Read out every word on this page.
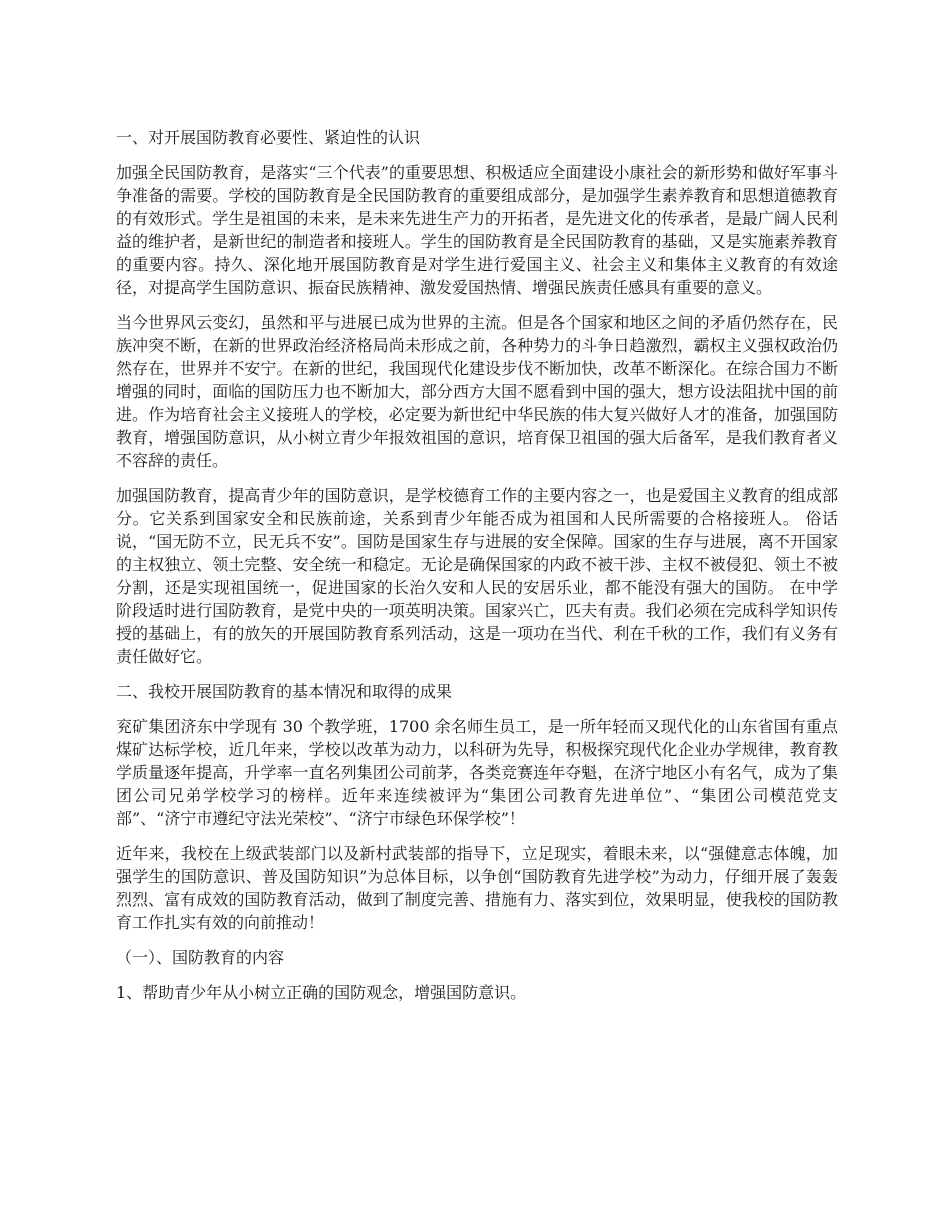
一、对开展国防教育必要性、紧迫性的认识
加强全民国防教育，是落实“三个代表”的重要思想、积极适应全面建设小康社会的新形势和做好军事斗争准备的需要。学校的国防教育是全民国防教育的重要组成部分，是加强学生素养教育和思想道德教育的有效形式。学生是祖国的未来，是未来先进生产力的开拓者，是先进文化的传承者，是最广阔人民利益的维护者，是新世纪的制造者和接班人。学生的国防教育是全民国防教育的基础，又是实施素养教育的重要内容。持久、深化地开展国防教育是对学生进行爱国主义、社会主义和集体主义教育的有效途径，对提高学生国防意识、振奋民族精神、激发爱国热情、增强民族责任感具有重要的意义。
当今世界风云变幻，虽然和平与进展已成为世界的主流。但是各个国家和地区之间的矛盾仍然存在，民族冲突不断，在新的世界政治经济格局尚未形成之前，各种势力的斗争日趋激烈，霸权主义强权政治仍然存在，世界并不安宁。在新的世纪，我国现代化建设步伐不断加快，改革不断深化。在综合国力不断增强的同时，面临的国防压力也不断加大，部分西方大国不愿看到中国的强大，想方设法阻扰中国的前进。作为培育社会主义接班人的学校，必定要为新世纪中华民族的伟大复兴做好人才的准备，加强国防教育，增强国防意识，从小树立青少年报效祖国的意识，培育保卫祖国的强大后备军，是我们教育者义不容辞的责任。
加强国防教育，提高青少年的国防意识，是学校德育工作的主要内容之一，也是爱国主义教育的组成部分。它关系到国家安全和民族前途，关系到青少年能否成为祖国和人民所需要的合格接班人。 俗话说，“国无防不立，民无兵不安”。国防是国家生存与进展的安全保障。国家的生存与进展，离不开国家的主权独立、领土完整、安全统一和稳定。无论是确保国家的内政不被干涉、主权不被侵犯、领土不被分割，还是实现祖国统一，促进国家的长治久安和人民的安居乐业，都不能没有强大的国防。 在中学阶段适时进行国防教育，是党中央的一项英明决策。国家兴亡，匹夫有责。我们必须在完成科学知识传授的基础上，有的放矢的开展国防教育系列活动，这是一项功在当代、利在千秋的工作，我们有义务有责任做好它。
二、我校开展国防教育的基本情况和取得的成果
兖矿集团济东中学现有 30 个教学班，1700 余名师生员工，是一所年轻而又现代化的山东省国有重点煤矿达标学校，近几年来，学校以改革为动力，以科研为先导，积极探究现代化企业办学规律，教育教学质量逐年提高，升学率一直名列集团公司前茅，各类竞赛连年夺魁，在济宁地区小有名气，成为了集团公司兄弟学校学习的榜样。近年来连续被评为“集团公司教育先进单位”、“集团公司模范党支部”、“济宁市遵纪守法光荣校”、“济宁市绿色环保学校”！
近年来，我校在上级武装部门以及新村武装部的指导下，立足现实，着眼未来，以“强健意志体魄，加强学生的国防意识、普及国防知识”为总体目标，以争创“国防教育先进学校”为动力，仔细开展了轰轰烈烈、富有成效的国防教育活动，做到了制度完善、措施有力、落实到位，效果明显，使我校的国防教育工作扎实有效的向前推动！
（一）、国防教育的内容
1、帮助青少年从小树立正确的国防观念，增强国防意识。
